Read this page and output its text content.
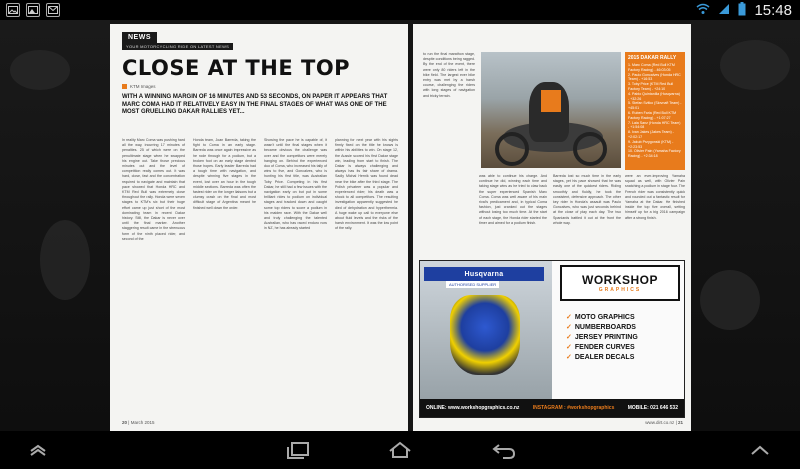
15:48
NEWS
YOUR MOTORCYCLING RIDE ON LATEST NEWS
CLOSE AT THE TOP
KTM Images
WITH A WINNING MARGIN OF 16 MINUTES AND 53 SECONDS, ON PAPER IT APPEARS THAT MARC COMA HAD IT RELATIVELY EASY IN THE FINAL STAGES OF WHAT WAS ONE OF THE MOST GRUELLING DAKAR RALLIES YET...
In reality Marc Coma was pushing hard all the way, incurring 17 minutes of penalties. 25 of which were on the penultimate stage when he swapped his engine out. Take those precious minutes out and the level of competition really comes out. It was hard, close, fast and the concentration required to navigate and maintain that pace showed that Honda HRC and KTM Red Bull was extremely close throughout the rally. Honda were seven stages to KTM's six but their huge effort came up just short of the most dominating team in recent Dakar history. Still, the Dakar is never over until the final marker. Another staggering result came in the strenuous form of the ninth placed rider, and second of the
Honda team, Joan Barreda, taking the fight to Coma in an early stage. Barreda was once again impressive as he rode through for a podium, but a broken foot on an early stage dented those hopes. Early leader Barreda had a tough time with navigation, and despite winning five stages in the event, lost over an hour in the tough middle sections. Barreda was often the fastest rider on the longer liaisons but a clumsy crash on the final and most difficult stage of Argentina meant he finished well down the order.
Showing the pace he is capable of, it wasn't until the final stages when it became obvious the challenge was over and the competitors were merely hanging on. Behind the experienced duo of Coma, who increased his tally of wins to five, and Goncalves, who is hunting his first title, was Australian Toby Price. Competing in his first Dakar, he still had a few issues with the navigation early on but put in some brilliant rides to podium on individual stages and tracked down and caught some top riders to score a podium in his maiden race. With the Dakar well and truly challenging the talented Australian, who has raced enduro now in NZ, he has already started
planning for next year with his sights firmly fixed on the title he knows is within his abilities to win. On stage 12, the Aussie scored his first Dakar stage win, leading from start to finish. The Dakar is always challenging and always has its fair share of drama. Sadly Michal Hernik was found dead near the bike after the third stage. The Polish privateer was a popular and experienced rider; his death was a shock to all competitors. The resulting investigation apparently suggested he died of dehydration and hyperthermia. A huge wake up call to everyone else about fluid levels and the risks of the harsh environment. It was the low point of the rally.
20 | March 2015
to run the final marathon stage, despite conditions being ragged. By the end of the event, there were only 80 riders left in the bike field. The largest ever bike entry was met by a harsh course, challenging the riders with long stages of navigation and tricky terrain.
2015 DAKAR RALLY
1. Marc Coma (Red Bull KTM Factory Racing) - 46:03:05
2. Paulo Goncalves (Honda HRC Team) - +16:53
3. Toby Price (KTM Red Bull Factory Team) - +24:10
4. Pablo Quintanilla (Husqvarna) - +32:26
5. Stefan Svitko (Slovnaft Team) - +45:01
6. Ruben Faria (Red Bull KTM Factory Racing) - +1:07:27
7. Laia Sanz (Honda HRC Team) - +1:54:08
8. Ivan Jakes (Jakes Team) - +2:02:17
9. Jakub Przygonski (KTM) - +2:23:53
10. Olivier Pain (Yamaha Factory Racing) - +2:34:18
was able to continue his charge. And continue he did, winning each time and taking stage wins as he tried to claw back the super experienced Spanish Marc Coma. Coma was well aware of his main rival's predicament and, in typical Coma fashion, just cranked out the stages without losing too much time. At the start of each stage, the Honda rider started the timer and aimed for a podium finish.
Barreda lost so much time in the early stages, yet his pace showed that he was easily one of the quickest riders. Riding smoothly and fluidly, he took the consistent, defensive approach. The other key rider in Honda's assault was Paulo Goncalves, who was just seconds behind at the close of play each day. The two Spaniards battled it out at the front the whole way.
were an ever-improving Yamaha squad as well, with Olivier Pain snatching a podium in stage four. The French rider was consistently quick and rounded out a fantastic result for Yamaha at the Dakar. He finished inside the top five overall, setting himself up for a big 2016 campaign after a strong finish.
Husqvarna
AUTHORISED SUPPLIER	WORKSHOP
GRAPHICS
✓ MOTO GRAPHICS
✓ NUMBERBOARDS
✓ JERSEY PRINTING
✓ FENDER CURVES
✓ DEALER DECALS
ONLINE: www.workshopgraphics.co.nz	INSTAGRAM : #workshopgraphics	MOBILE: 021 646 532
www.dirt.co.nz | 21
